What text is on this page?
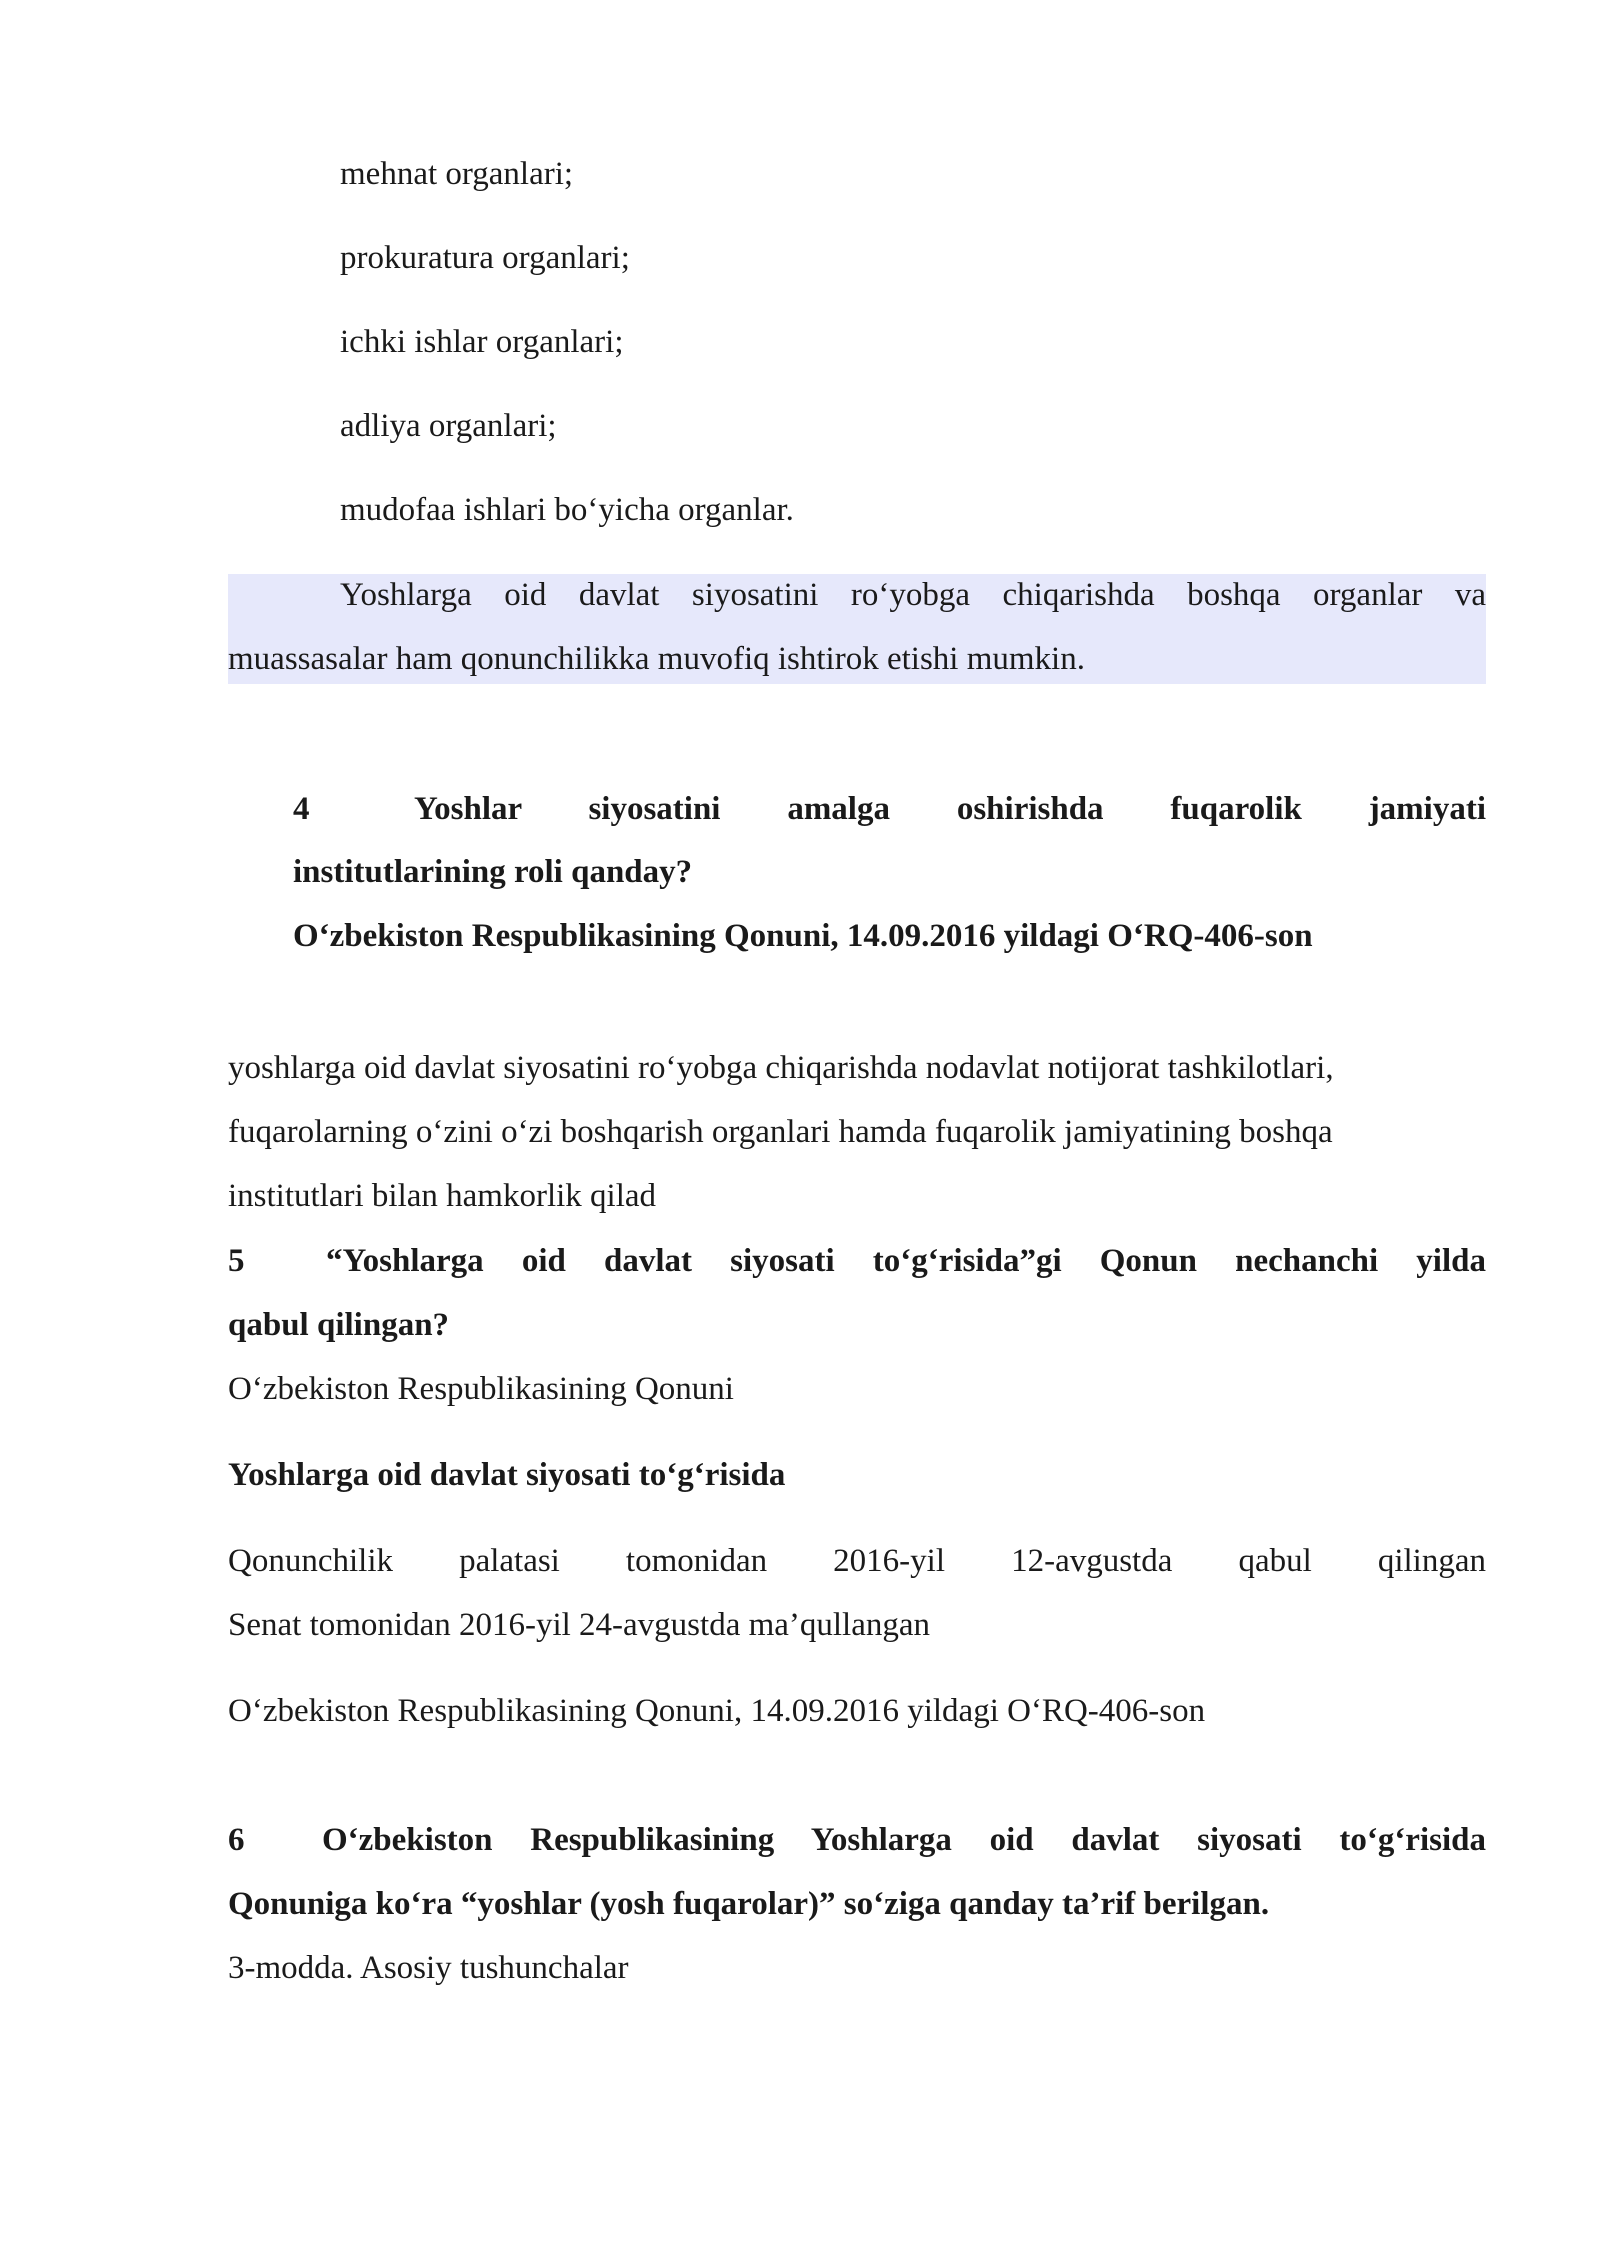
mehnat organlari;

prokuratura organlari;

ichki ishlar organlari;

adliya organlari;

mudofaa ishlari bo‘yicha organlar.

Yoshlarga oid davlat siyosatini ro‘yobga chiqarishda boshqa organlar va

muassasalar ham qonunchilikka muvofiq ishtirok etishi mumkin.

4	Yoshlar siyosatini amalga oshirishda fuqarolik jamiyati

institutlarining roli qanday?

O‘zbekiston Respublikasining Qonuni, 14.09.2016 yildagi O‘RQ-406-son

yoshlarga oid davlat siyosatini ro‘yobga chiqarishda nodavlat notijorat tashkilotlari,

fuqarolarning o‘zini o‘zi boshqarish organlari hamda fuqarolik jamiyatining boshqa

institutlari bilan hamkorlik qilad

5 “Yoshlarga oid davlat siyosati to‘g‘risida”gi Qonun nechanchi yilda

qabul qilingan?

O‘zbekiston Respublikasining Qonuni

Yoshlarga oid davlat siyosati to‘g‘risida

Qonunchilik palatasi tomonidan 2016-yil 12-avgustda qabul qilingan

Senat tomonidan 2016-yil 24-avgustda ma’qullangan

O‘zbekiston Respublikasining Qonuni, 14.09.2016 yildagi O‘RQ-406-son

6 O‘zbekiston Respublikasining Yoshlarga oid davlat siyosati to‘g‘risida

Qonuniga ko‘ra “yoshlar (yosh fuqarolar)” so‘ziga qanday ta’rif berilgan.

3-modda. Asosiy tushunchalar
